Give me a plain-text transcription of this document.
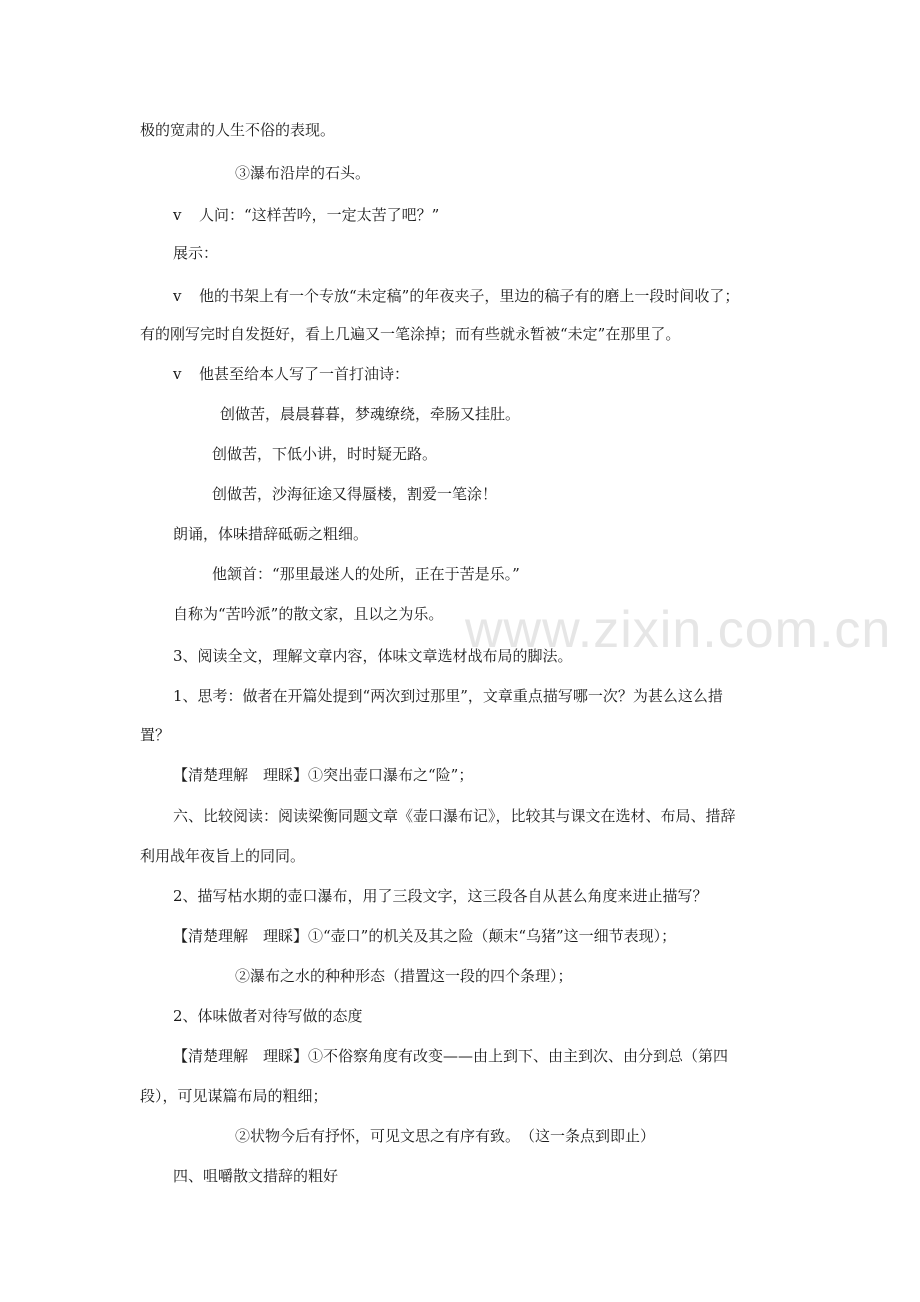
www.zixin.com.cn
极的宽肃的人生不俗的表现。
③瀑布沿岸的石头。
v 人问：“这样苦吟，一定太苦了吧？”
展示：
v 他的书架上有一个专放“未定稿”的年夜夹子，里边的稿子有的磨上一段时间收了；
有的刚写完时自发挺好，看上几遍又一笔涂掉；而有些就永暂被“未定”在那里了。
v 他甚至给本人写了一首打油诗：
创做苦，晨晨暮暮，梦魂缭绕，牵肠又挂肚。
创做苦，下低小讲，时时疑无路。
创做苦，沙海征途又得蜃楼，割爱一笔涂！
朗诵，体味措辞砥砺之粗细。
他颔首：“那里最迷人的处所，正在于苦是乐。”
自称为“苦吟派”的散文家，且以之为乐。
3、阅读全文，理解文章内容，体味文章选材战布局的脚法。
1、思考：做者在开篇处提到“两次到过那里”，文章重点描写哪一次？为甚么这么措
置？
【清楚理解　理睬】①突出壶口瀑布之“险”；
六、比较阅读：阅读梁衡同题文章《壶口瀑布记》，比较其与课文在选材、布局、措辞
利用战年夜旨上的同同。
2、描写枯水期的壶口瀑布，用了三段文字，这三段各自从甚么角度来进止描写？
【清楚理解　理睬】①“壶口”的机关及其之险（颠末“乌猪”这一细节表现）；
②瀑布之水的种种形态（措置这一段的四个条理）；
2、体味做者对待写做的态度
【清楚理解　理睬】①不俗察角度有改变——由上到下、由主到次、由分到总（第四
段），可见谋篇布局的粗细；
②状物今后有抒怀，可见文思之有序有致。　（这一条点到即止）
四、咀嚼散文措辞的粗好
